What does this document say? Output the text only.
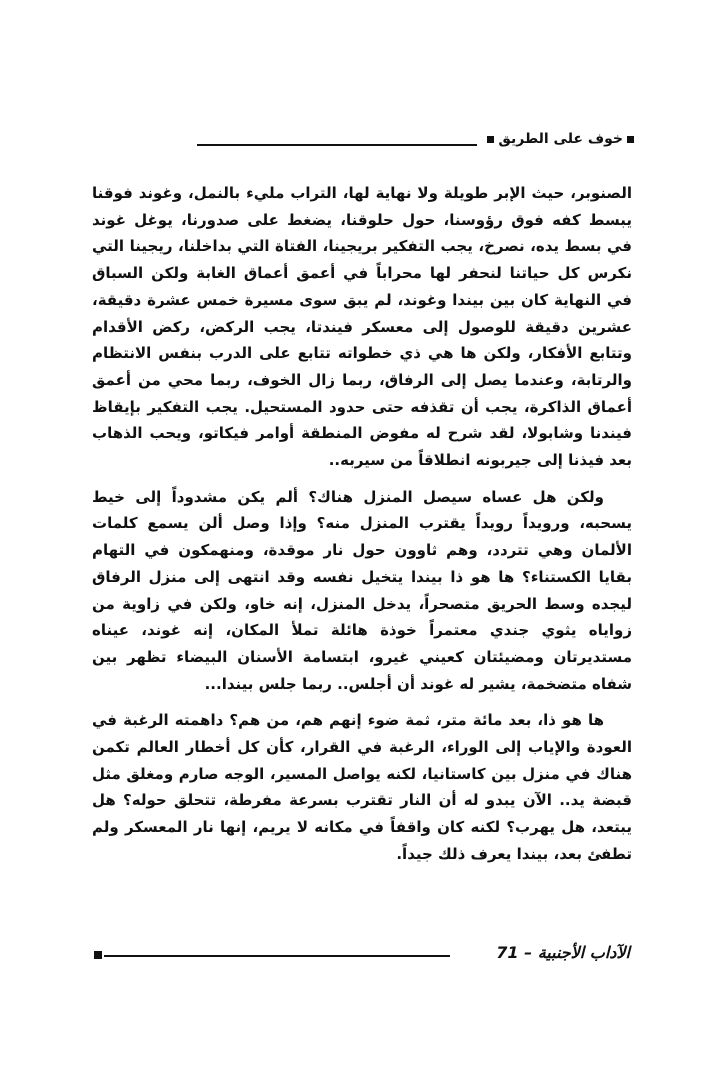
خوف على الطريق

الصنوبر، حيث الإبر طويلة ولا نهاية لها، التراب مليء بالنمل، وغوند فوقنا يبسط كفه فوق رؤوسنا، حول حلوقنا، يضغط على صدورنا، يوغل غوند في بسط يده، نصرخ، يجب التفكير بريجينا، الفتاة التي بداخلنا، ريجينا التي نكرس كل حياتنا لنحفر لها محراباً في أعمق أعماق الغابة ولكن السباق في النهاية كان بين بيندا وغوند، لم يبق سوى مسيرة خمس عشرة دقيقة، عشرين دقيقة للوصول إلى معسكر فيندتا، يجب الركض، ركض الأقدام وتتابع الأفكار، ولكن ها هي ذي خطواته تتابع على الدرب بنفس الانتظام والرتابة، وعندما يصل إلى الرفاق، ربما زال الخوف، ربما محي من أعمق أعماق الذاكرة، يجب أن تقذفه حتى حدود المستحيل. يجب التفكير بإيقاظ فيندنا وشابولا، لقد شرح له مفوض المنطقة أوامر فيكاتو، ويحب الذهاب بعد فيذنا إلى جيربونه انطلاقاً من سيربه..

ولكن هل عساه سيصل المنزل هناك؟ ألم يكن مشدوداً إلى خيط يسحبه، ورويداً رويداً يقترب المنزل منه؟ وإذا وصل ألن يسمع كلمات الألمان وهي تتردد، وهم ثاوون حول نار موقدة، ومنهمكون في التهام بقايا الكستناء؟ ها هو ذا بيندا يتخيل نفسه وقد انتهى إلى منزل الرفاق ليجده وسط الحريق متصحراً، يدخل المنزل، إنه خاو، ولكن في زاوية من زواياه يثوي جندي معتمراً خوذة هائلة تملأ المكان، إنه غوند، عيناه مستديرتان ومضيئتان كعيني غيرو، ابتسامة الأسنان البيضاء تظهر بين شفاه متضخمة، يشير له غوند أن أجلس.. ربما جلس بيندا...

ها هو ذا، بعد مائة متر، ثمة ضوء إنهم هم، من هم؟ داهمته الرغبة في العودة والإياب إلى الوراء، الرغبة في القرار، كأن كل أخطار العالم تكمن هناك في منزل بين كاستانيا، لكنه يواصل المسير، الوجه صارم ومغلق مثل قبضة يد.. الآن يبدو له أن النار تقترب بسرعة مفرطة، تتحلق حوله؟ هل يبتعد، هل يهرب؟ لكنه كان واقفاً في مكانه لا يريم، إنها نار المعسكر ولم تطفئ بعد، بيندا يعرف ذلك جيداً.

الآداب الأجنبية – 71
